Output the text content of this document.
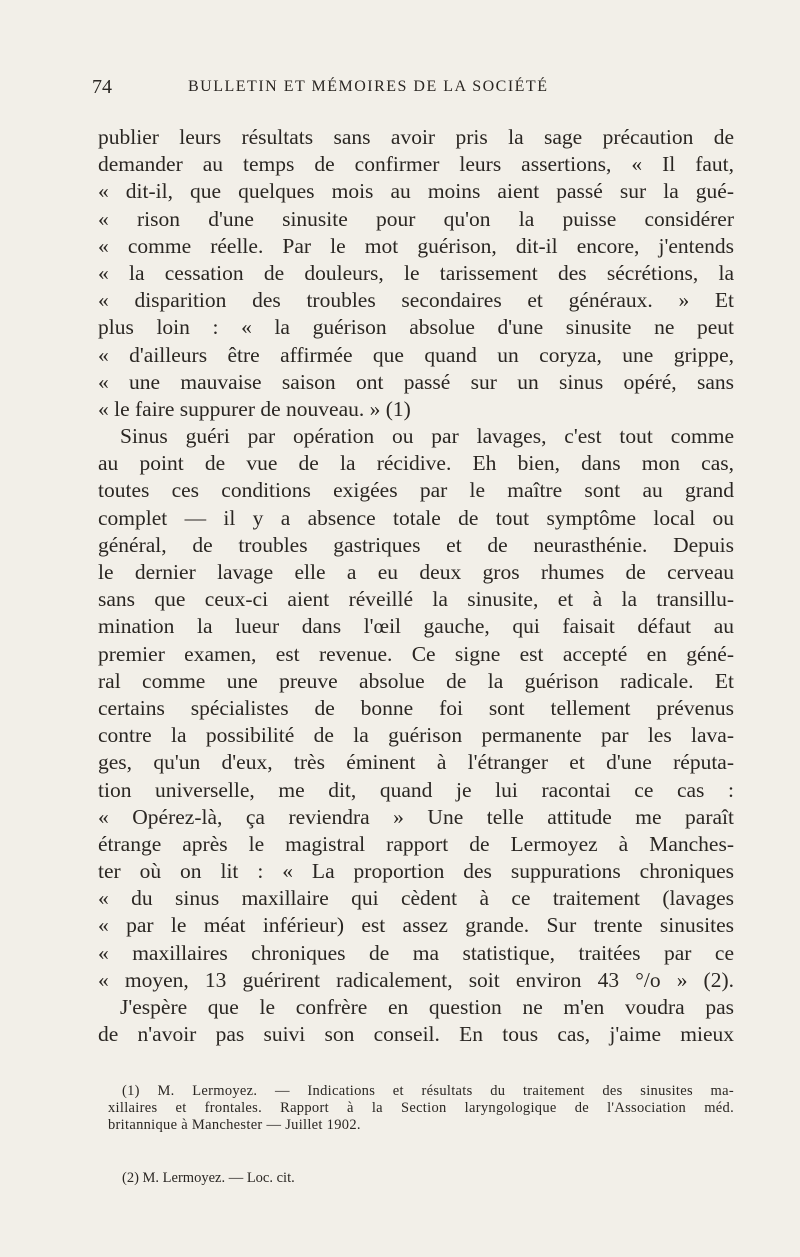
74	BULLETIN ET MÉMOIRES DE LA SOCIÉTÉ
publier leurs résultats sans avoir pris la sage précaution de
demander au temps de confirmer leurs assertions, « Il faut,
« dit-il, que quelques mois au moins aient passé sur la gué-
« rison d'une sinusite pour qu'on la puisse considérer
« comme réelle. Par le mot guérison, dit-il encore, j'entends
« la cessation de douleurs, le tarissement des sécrétions, la
« disparition des troubles secondaires et généraux. » Et
plus loin : « la guérison absolue d'une sinusite ne peut
« d'ailleurs être affirmée que quand un coryza, une grippe,
« une mauvaise saison ont passé sur un sinus opéré, sans
« le faire suppurer de nouveau. » (1)
Sinus guéri par opération ou par lavages, c'est tout comme
au point de vue de la récidive. Eh bien, dans mon cas,
toutes ces conditions exigées par le maître sont au grand
complet — il y a absence totale de tout symptôme local ou
général, de troubles gastriques et de neurasthénie. Depuis
le dernier lavage elle a eu deux gros rhumes de cerveau
sans que ceux-ci aient réveillé la sinusite, et à la transillu-
mination la lueur dans l'œil gauche, qui faisait défaut au
premier examen, est revenue. Ce signe est accepté en géné-
ral comme une preuve absolue de la guérison radicale. Et
certains spécialistes de bonne foi sont tellement prévenus
contre la possibilité de la guérison permanente par les lava-
ges, qu'un d'eux, très éminent à l'étranger et d'une réputa-
tion universelle, me dit, quand je lui racontai ce cas :
« Opérez-là, ça reviendra » Une telle attitude me paraît
étrange après le magistral rapport de Lermoyez à Manches-
ter où on lit : « La proportion des suppurations chroniques
« du sinus maxillaire qui cèdent à ce traitement (lavages
« par le méat inférieur) est assez grande. Sur trente sinusites
« maxillaires chroniques de ma statistique, traitées par ce
« moyen, 13 guérirent radicalement, soit environ 43 °/o » (2).
J'espère que le confrère en question ne m'en voudra pas
de n'avoir pas suivi son conseil. En tous cas, j'aime mieux
(1) M. Lermoyez. — Indications et résultats du traitement des sinusites ma-
xillaires et frontales. Rapport à la Section laryngologique de l'Association méd.
britannique à Manchester — Juillet 1902.
(2) M. Lermoyez. — Loc. cit.
